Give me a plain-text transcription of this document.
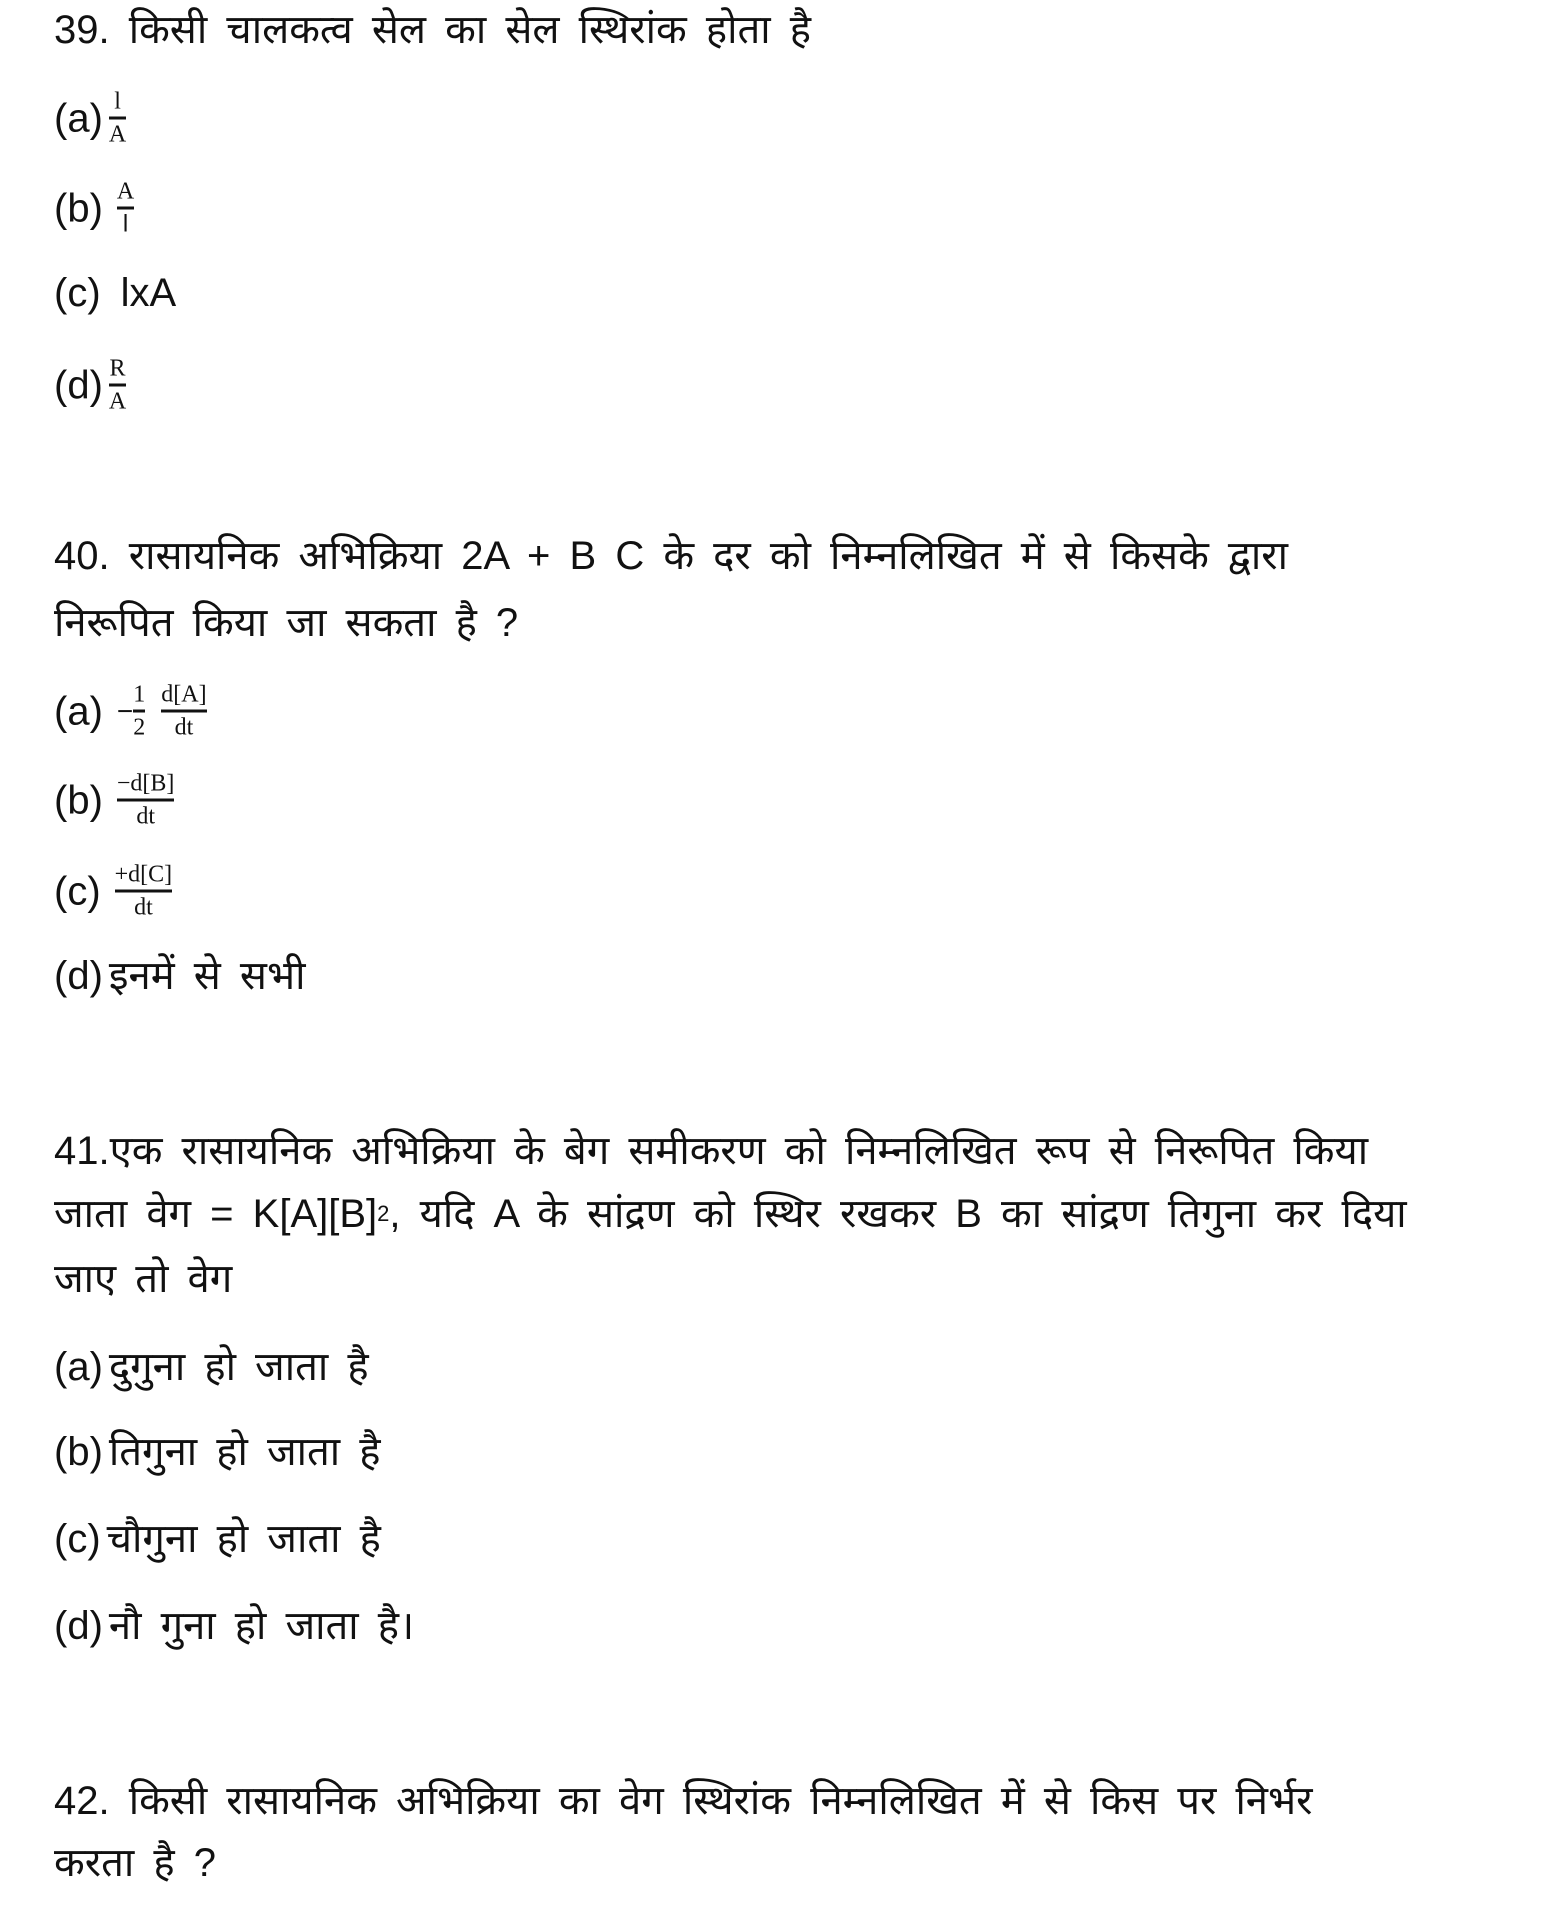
39. किसी चालकत्व सेल का सेल स्थिरांक होता है
$(a) \frac{l}{A}$
$(b) \frac{A}{l}$
(c) lxA
$(d) \frac{R}{A}$
40. रासायनिक अभिक्रिया 2A + B C के दर को निम्नलिखित में से किसके द्वारा
निरूपित किया जा सकता है ?
$(a) - \frac{1}{2} \frac{d[A]}{dt}$
$(b) \frac{-d[B]}{dt}$
$(c) \frac{+d[C]}{dt}$
(d) इनमें से सभी
41.एक रासायनिक अभिक्रिया के बेग समीकरण को निम्नलिखित रूप से निरूपित किया
जाता वेग = K[A][B] 2 , यदि A के सांद्रण को स्थिर रखकर B का सांद्रण तिगुना कर दिया
जाए तो वेग
(a) दुगुना हो जाता है
(b) तिगुना हो जाता है
(c) चौगुना हो जाता है
(d) नौ गुना हो जाता है।
42. किसी रासायनिक अभिक्रिया का वेग स्थिरांक निम्नलिखित में से किस पर निर्भर
करता है ?
